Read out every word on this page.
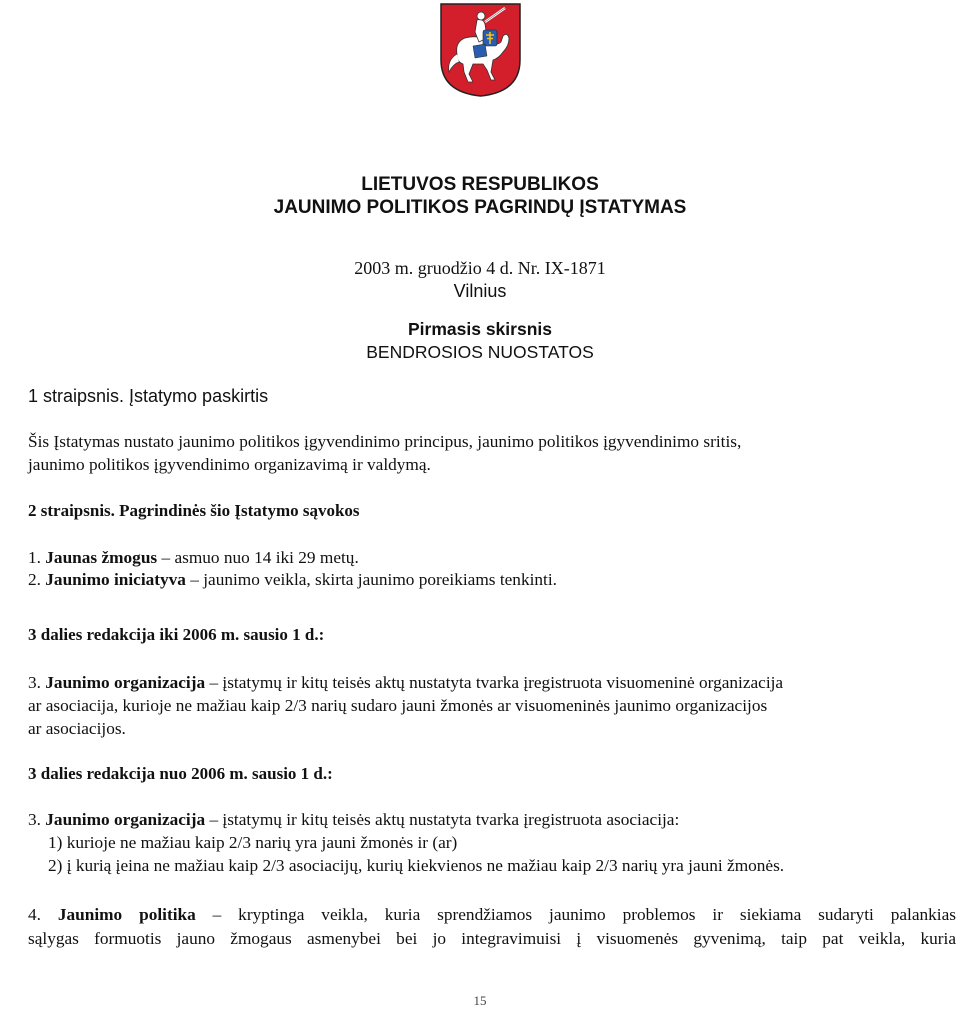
LIETUVOS RESPUBLIKOS
JAUNIMO POLITIKOS PAGRINDŲ ĮSTATYMAS
2003 m. gruodžio 4 d. Nr. IX-1871
Vilnius
Pirmasis skirsnis
BENDROSIOS NUOSTATOS
1 straipsnis. Įstatymo paskirtis
Šis Įstatymas nustato jaunimo politikos įgyvendinimo principus, jaunimo politikos įgyvendinimo sritis,
jaunimo politikos įgyvendinimo organizavimą ir valdymą.
2 straipsnis. Pagrindinės šio Įstatymo sąvokos
1. Jaunas žmogus – asmuo nuo 14 iki 29 metų.
2. Jaunimo iniciatyva – jaunimo veikla, skirta jaunimo poreikiams tenkinti.
3 dalies redakcija iki 2006 m. sausio 1 d.:
3. Jaunimo organizacija – įstatymų ir kitų teisės aktų nustatyta tvarka įregistruota visuomeninė organizacija
ar asociacija, kurioje ne mažiau kaip 2/3 narių sudaro jauni žmonės ar visuomeninės jaunimo organizacijos
ar asociacijos.
3 dalies redakcija nuo 2006 m. sausio 1 d.:
3. Jaunimo organizacija – įstatymų ir kitų teisės aktų nustatyta tvarka įregistruota asociacija:
1) kurioje ne mažiau kaip 2/3 narių yra jauni žmonės ir (ar)
2) į kurią įeina ne mažiau kaip 2/3 asociacijų, kurių kiekvienos ne mažiau kaip 2/3 narių yra jauni žmonės.
4. Jaunimo politika – kryptinga veikla, kuria sprendžiamos jaunimo problemos ir siekiama sudaryti palankias
sąlygas formuotis jauno žmogaus asmenybei bei jo integravimuisi į visuomenės gyvenimą, taip pat veikla, kuria
15
